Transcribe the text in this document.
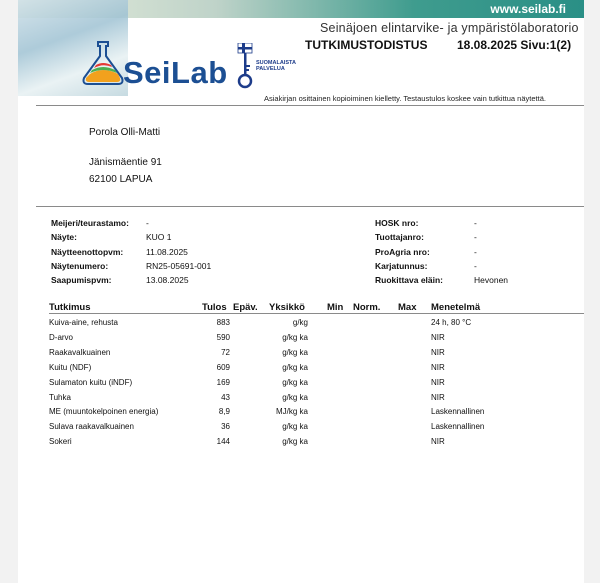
www.seilab.fi
Seinäjoen elintarvike- ja ympäristölaboratorio
TUTKIMUSTODISTUS 18.08.2025 Sivu:1(2)
SeiLab	SUOMALAISTA
PALVELUA
Asiakirjan osittainen kopioiminen kielletty. Testaustulos koskee vain tutkittua näytettä.
Porola Olli-Matti
Jänismäentie 91
62100 LAPUA
Meijeri/teurastamo: -
Näyte:	KUO 1
Näytteenottopvm:	11.08.2025
Näytenumero:	RN25-05691-001
Saapumispvm:	13.08.2025
HOSK nro:	-
Tuottajanro:	-
ProAgria nro:	-
Karjatunnus:	-
Ruokittava eläin:	Hevonen
Tutkimus	Tulos Epäv. Yksikkö Min Norm. Max Menetelmä
Kuiva-aine, rehusta	883	g/kg	24 h, 80 °C
D-arvo	590	g/kg ka	NIR
Raakavalkuainen	72	g/kg ka	NIR
Kuitu (NDF)	609	g/kg ka	NIR
Sulamaton kuitu (iNDF)	169	g/kg ka	NIR
Tuhka	43	g/kg ka	NIR
ME (muuntokelpoinen energia)	8,9	MJ/kg ka	Laskennallinen
Sulava raakavalkuainen	36	g/kg ka	Laskennallinen
Sokeri	144	g/kg ka	NIR
